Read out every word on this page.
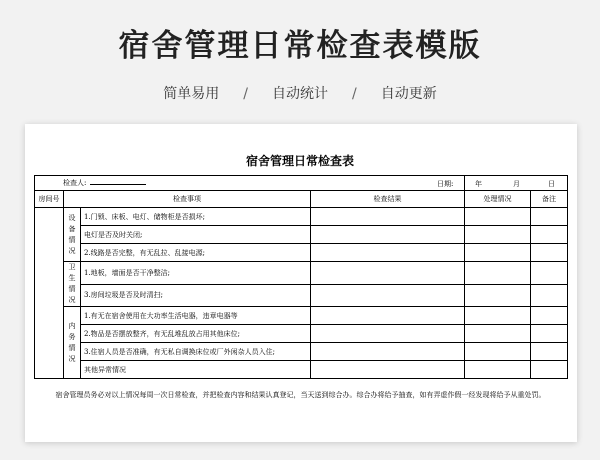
宿舍管理日常检查表模版
简单易用 / 自动统计 / 自动更新
宿舍管理日常检查表
检查人:				日期: 年 月 日	

房间号	检查事项		检查结果	处理情况	备注

	设备情况	1.门锁、床板、电灯、储物柜是否损坏;			
		电灯是否及时关闭;			
		2.线路是否完整，有无乱拉、乱接电源;			

	卫生情况	1.地板，墙面是否干净整洁;			
		3.房间垃圾是否及时清扫;			

	内务情况	1.有无在宿舍使用在大功率生活电器，违章电器等			
		2.物品是否摆放整齐，有无乱堆乱放占用其他床位;			
		3.住宿人员是否准确，有无私自调换床位或厂外闲杂人员入住;			
		其他异常情况			
宿舍管理员务必对以上情况每周一次日常检查，并把检查内容和结果认真登记，当天送到综合办。综合办将给予抽查，如有弄虚作假一经发现将给予从重处罚。
